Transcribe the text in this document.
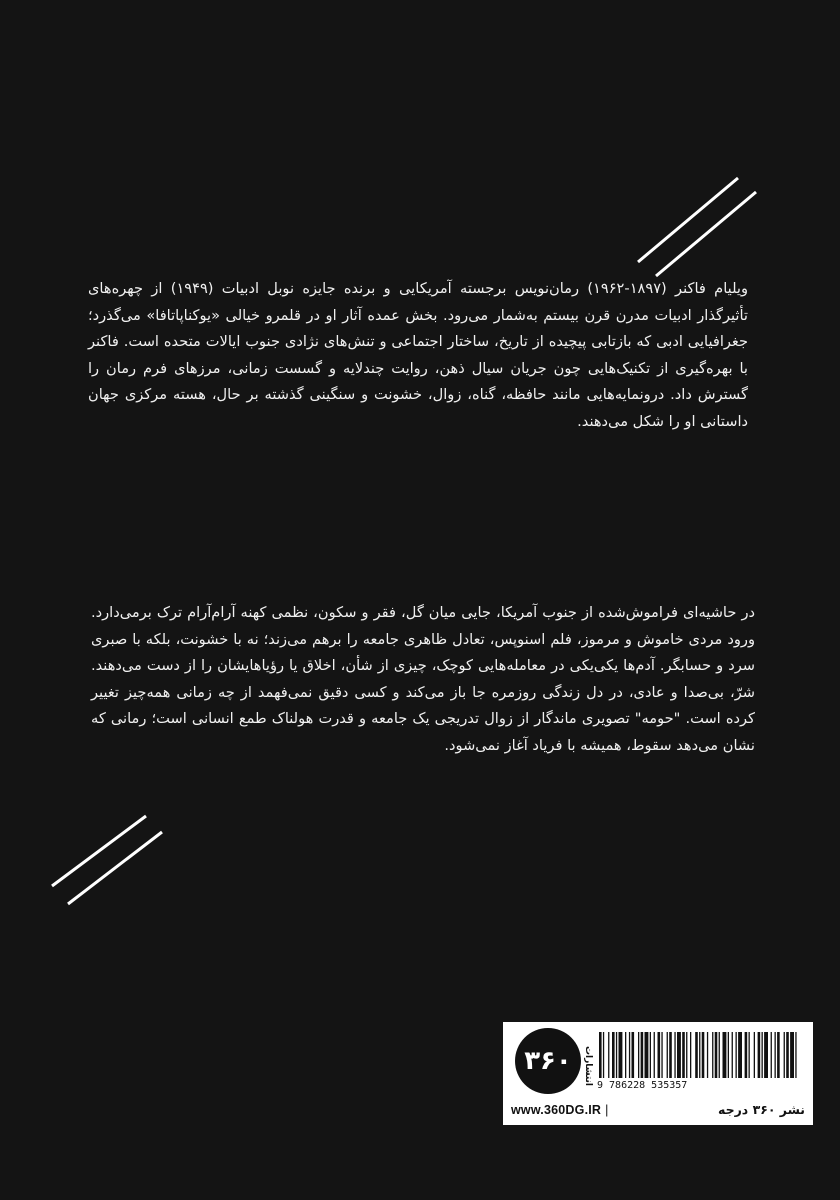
ویلیام فاکنر (۱۸۹۷-۱۹۶۲) رمان‌نویس برجسته آمریکایی و برنده جایزه نوبل ادبیات (۱۹۴۹) از چهره‌های تأثیرگذار ادبیات مدرن قرن بیستم به‌شمار می‌رود. بخش عمده آثار او در قلمرو خیالی «یوکناپاتافا» می‌گذرد؛ جغرافیایی ادبی که بازتابی پیچیده از تاریخ، ساختار اجتماعی و تنش‌های نژادی جنوب ایالات متحده است. فاکنر با بهره‌گیری از تکنیک‌هایی چون جریان سیال ذهن، روایت چندلایه و گسست زمانی، مرزهای فرم رمان را گسترش داد. درونمایه‌هایی مانند حافظه، گناه، زوال، خشونت و سنگینی گذشته بر حال، هسته مرکزی جهان داستانی او را شکل می‌دهند.

در حاشیه‌ای فراموش‌شده از جنوب آمریکا، جایی میان گل، فقر و سکون، نظمی کهنه آرام‌آرام ترک برمی‌دارد. ورود مردی خاموش و مرموز، فلم اسنوپس، تعادل ظاهری جامعه را برهم می‌زند؛ نه با خشونت، بلکه با صبری سرد و حسابگر. آدم‌ها یکی‌یکی در معامله‌هایی کوچک، چیزی از شأن، اخلاق یا رؤیاهایشان را از دست می‌دهند. شرّ، بی‌صدا و عادی، در دل زندگی روزمره جا باز می‌کند و کسی دقیق نمی‌فهمد از چه زمانی همه‌چیز تغییر کرده است. "حومه" تصویری ماندگار از زوال تدریجی یک جامعه و قدرت هولناک طمع انسانی است؛ رمانی که نشان می‌دهد سقوط، همیشه با فریاد آغاز نمی‌شود.

۳۶۰	انتشارات 9 786228 535357
www.360DG.IR |	نشر ۳۶۰ درجه
